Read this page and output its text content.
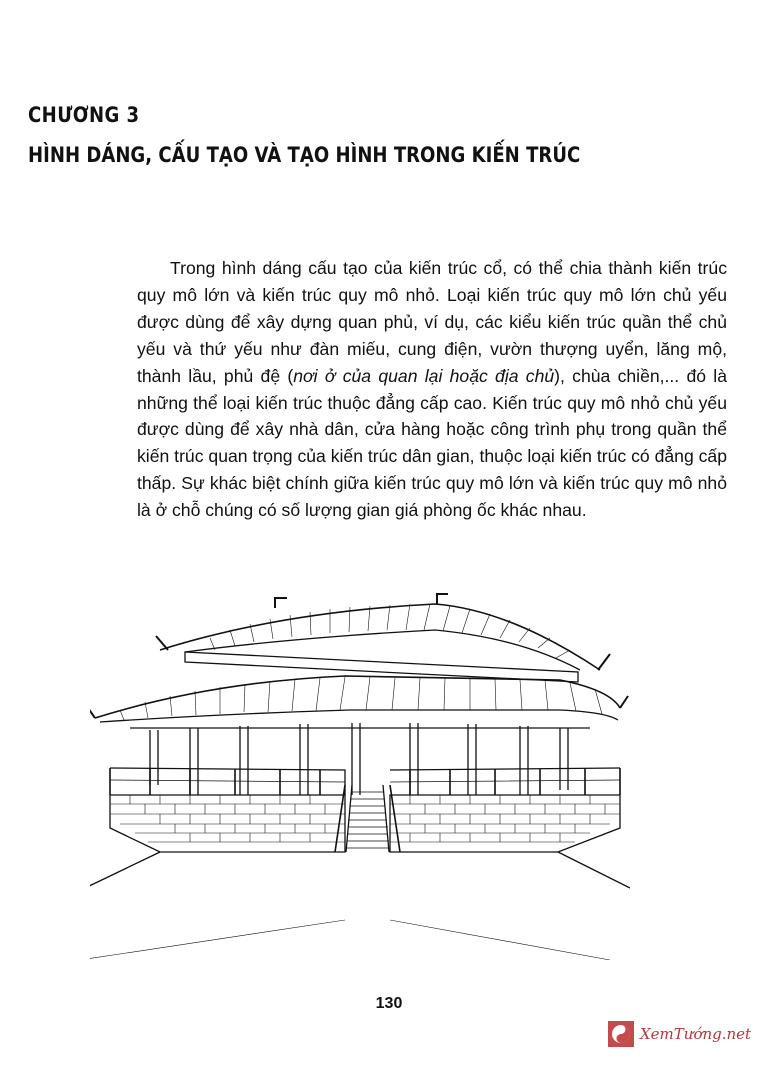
CHƯƠNG 3
HÌNH DÁNG, CẤU TẠO VÀ TẠO HÌNH TRONG KIẾN TRÚC

Trong hình dáng cấu tạo của kiến trúc cổ, có thể chia thành kiến trúc quy mô lớn và kiến trúc quy mô nhỏ. Loại kiến trúc quy mô lớn chủ yếu được dùng để xây dựng quan phủ, ví dụ, các kiểu kiến trúc quần thể chủ yếu và thứ yếu như đàn miếu, cung điện, vườn thượng uyển, lăng mộ, thành lầu, phủ đệ (nơi ở của quan lại hoặc địa chủ), chùa chiền,... đó là những thể loại kiến trúc thuộc đẳng cấp cao. Kiến trúc quy mô nhỏ chủ yếu được dùng để xây nhà dân, cửa hàng hoặc công trình phụ trong quần thể kiến trúc quan trọng của kiến trúc dân gian, thuộc loại kiến trúc có đẳng cấp thấp. Sự khác biệt chính giữa kiến trúc quy mô lớn và kiến trúc quy mô nhỏ là ở chỗ chúng có số lượng gian giá phòng ốc khác nhau.

130
XemTướng.net
